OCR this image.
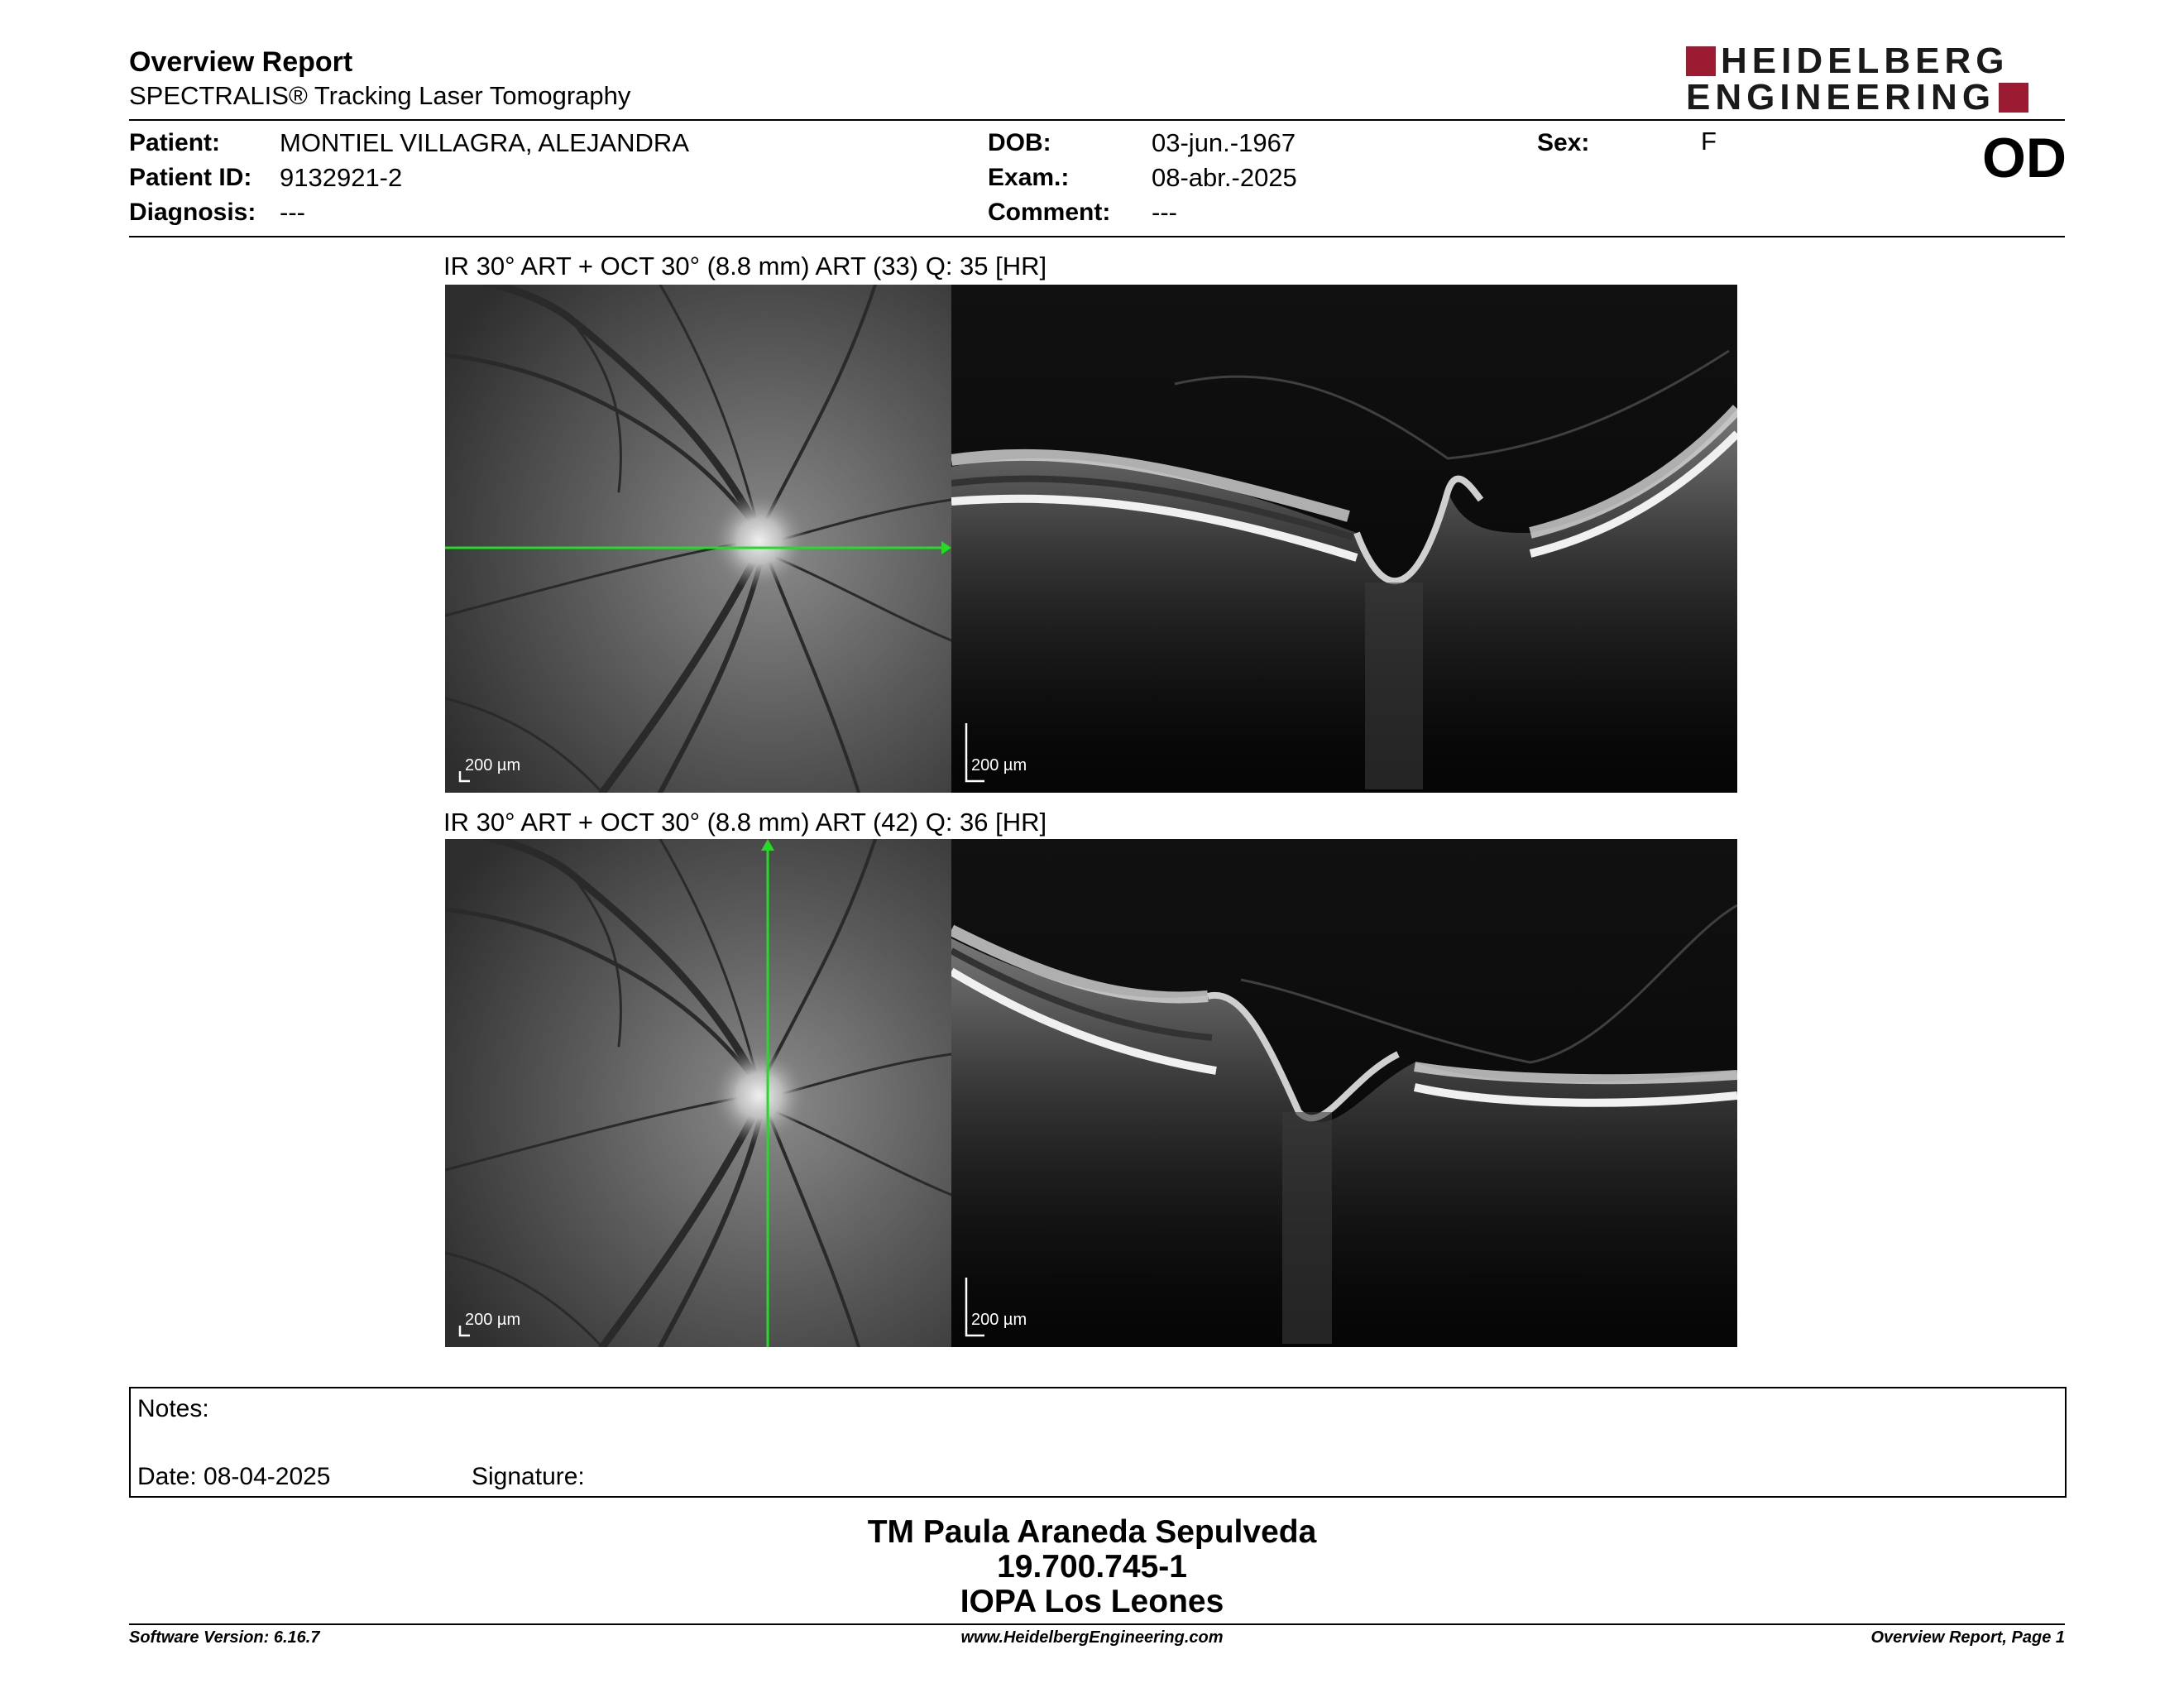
Overview Report
SPECTRALIS® Tracking Laser Tomography
HEIDELBERG
ENGINEERING
Patient: MONTIEL VILLAGRA, ALEJANDRA
Patient ID: 9132921-2
Diagnosis: ---
DOB:	03-jun.-1967
Exam.:	08-abr.-2025
Comment: ---
Sex:	F	OD
IR 30° ART + OCT 30° (8.8 mm) ART (33) Q: 35 [HR]
200 µm	200 µm
IR 30° ART + OCT 30° (8.8 mm) ART (42) Q: 36 [HR]
200 µm	200 µm
Notes:
Date: 08-04-2025	Signature:
TM Paula Araneda Sepulveda
19.700.745-1
IOPA Los Leones
Software Version: 6.16.7	www.HeidelbergEngineering.com	Overview Report, Page 1
